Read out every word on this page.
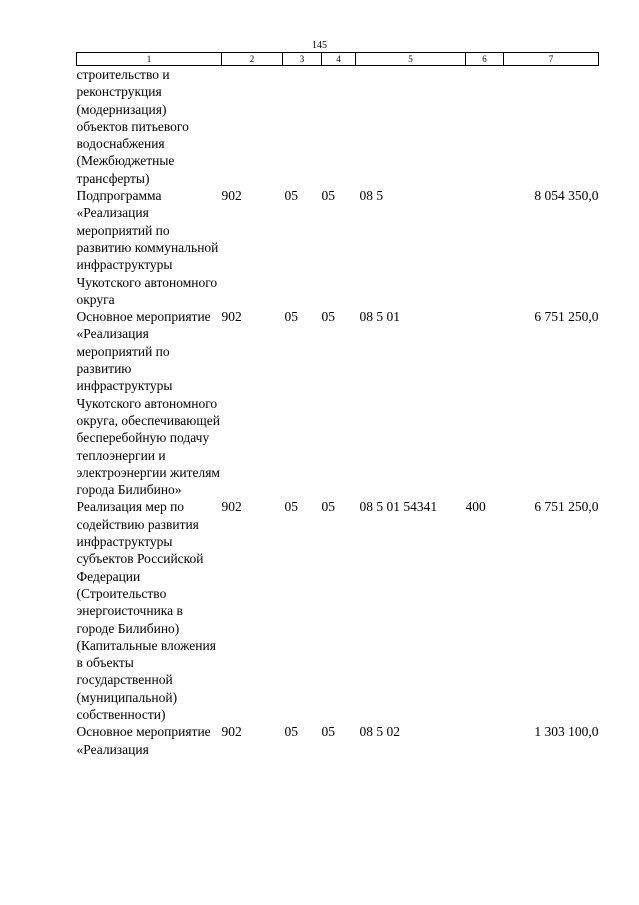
145
1	2	3	4	5	6	7
строительство и реконструкция (модернизация) объектов питьевого водоснабжения (Межбюджетные трансферты)						
Подпрограмма «Реализация мероприятий по развитию коммунальной инфраструктуры Чукотского автономного округа	902	05	05	08 5		8 054 350,0
Основное мероприятие «Реализация мероприятий по развитию инфраструктуры Чукотского автономного округа, обеспечивающей бесперебойную подачу теплоэнергии и электроэнергии жителям города Билибино»	902	05	05	08 5 01		6 751 250,0
Реализация мер по содействию развития инфраструктуры субъектов Российской Федерации (Строительство энергоисточника в городе Билибино) (Капитальные вложения в объекты государственной (муниципальной) собственности)	902	05	05	08 5 01 54341	400	6 751 250,0
Основное мероприятие «Реализация	902	05	05	08 5 02		1 303 100,0
